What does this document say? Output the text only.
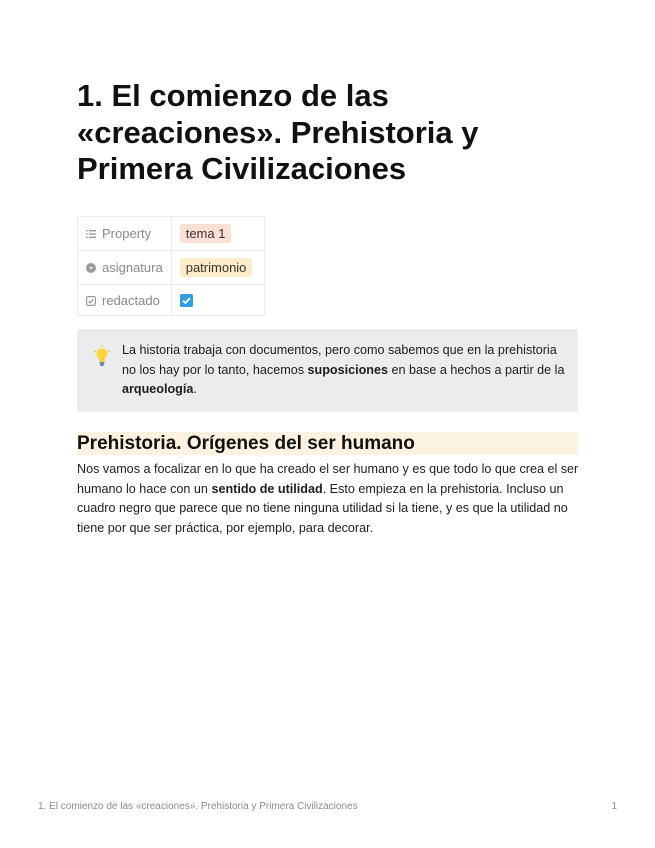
1. El comienzo de las «creaciones». Prehistoria y Primera Civilizaciones
Property	tema 1
asignatura	patrimonio
redactado	
La historia trabaja con documentos, pero como sabemos que en la prehistoria no los hay por lo tanto, hacemos suposiciones en base a hechos a partir de la arqueología.
Prehistoria. Orígenes del ser humano

Nos vamos a focalizar en lo que ha creado el ser humano y es que todo lo que crea el ser humano lo hace con un sentido de utilidad. Esto empieza en la prehistoria. Incluso un cuadro negro que parece que no tiene ninguna utilidad si la tiene, y es que la utilidad no tiene por que ser práctica, por ejemplo, para decorar.

1. El comienzo de las «creaciones». Prehistoria y Primera Civilizaciones	1
